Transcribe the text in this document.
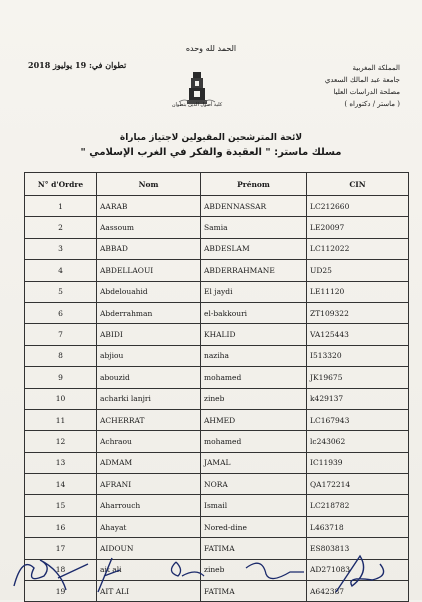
الحمد لله وحده
تطوان في: 19 يوليوز 2018	المملكة المغربية
جامعة عبد المالك السعدي
مصلحة الدراسات العليا
( ماستر / دكتوراه )
كلية أصول الدين بتطوان
لائحة المترشحين المقبولين لاجتياز مباراة
مسلك ماستر: " العقيدة والفكر في الغرب الإسلامي "
N° d'Ordre	Nom	Prénom	CIN
1	AARAB	ABDENNASSAR	LC212660
2	Aassoum	Samia	LE20097
3	ABBAD	ABDESLAM	LC112022
4	ABDELLAOUI	ABDERRAHMANE	UD25
5	Abdelouahid	El jaydi	LE11120
6	Abderrahman	el-bakkouri	ZT109322
7	ABIDI	KHALID	VA125443
8	abjiou	naziha	I513320
9	abouzid	mohamed	JK19675
10	acharki lanjri	zineb	k429137
11	ACHERRAT	AHMED	LC167943
12	Achraou	mohamed	lc243062
13	ADMAM	JAMAL	IC11939
14	AFRANI	NORA	QA172214
15	Aharrouch	Ismail	LC218782
16	Ahayat	Nored-dine	L463718
17	AIDOUN	FATIMA	ES803813
18	ait ali	zineb	AD271083
19	AIT ALI	FATIMA	A642387
